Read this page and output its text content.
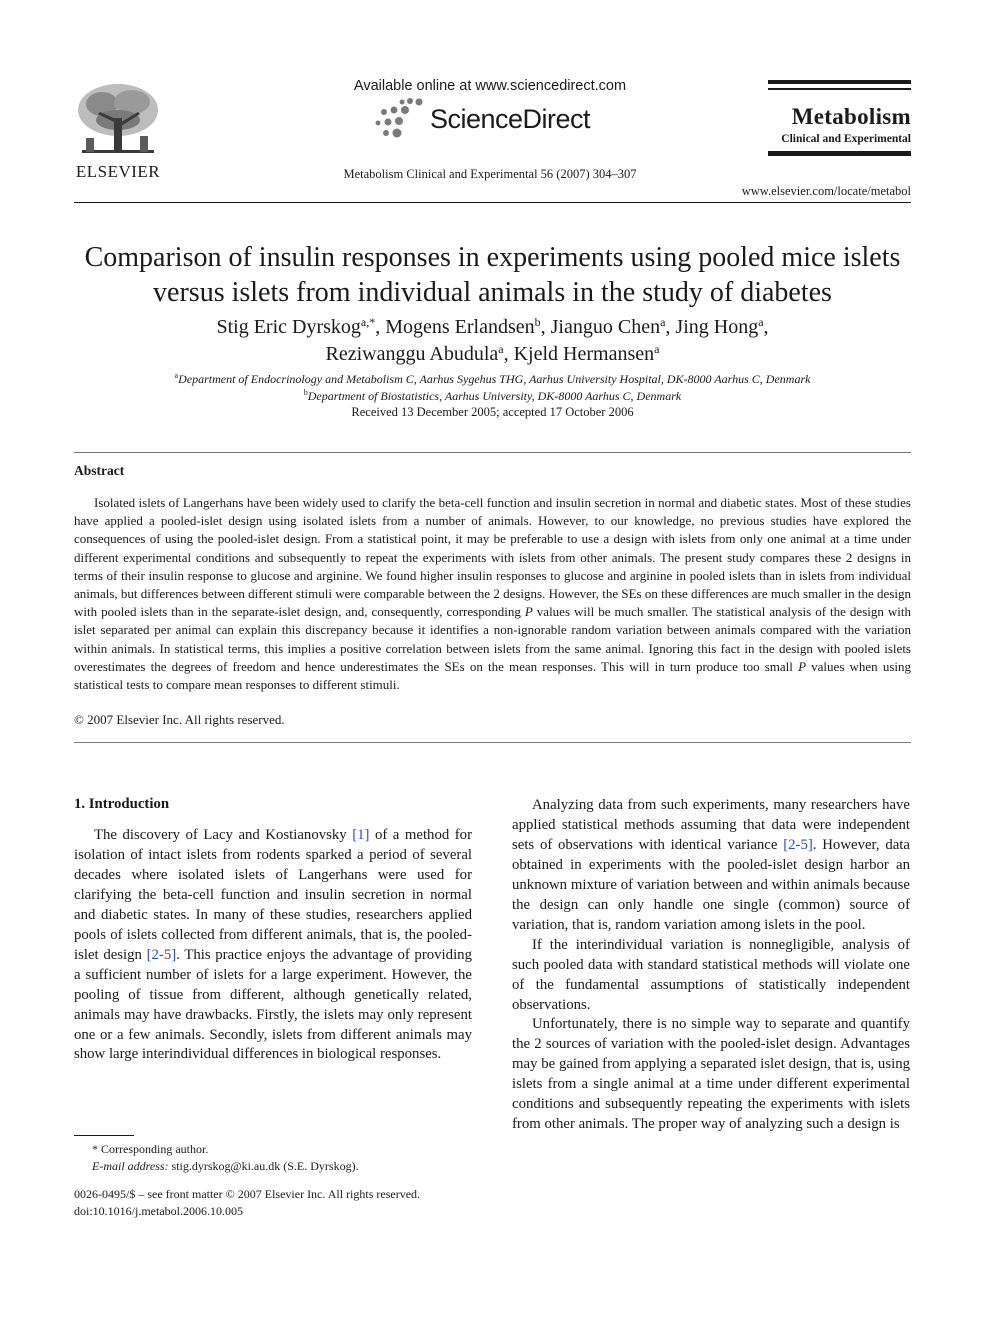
ELSEVIER
Available online at www.sciencedirect.com
ScienceDirect
Metabolism Clinical and Experimental 56 (2007) 304–307
Metabolism
Clinical and Experimental
www.elsevier.com/locate/metabol
Comparison of insulin responses in experiments using pooled mice islets
versus islets from individual animals in the study of diabetes
Stig Eric Dyrskog$^{a,*}$, Mogens Erlandsen$^b$, Jianguo Chen$^a$, Jing Hong$^a$,
Reziwanggu Abudula$^a$, Kjeld Hermansen$^a$
$^a$Department of Endocrinology and Metabolism C, Aarhus Sygehus THG, Aarhus University Hospital, DK-8000 Aarhus C, Denmark
$^b$Department of Biostatistics, Aarhus University, DK-8000 Aarhus C, Denmark
Received 13 December 2005; accepted 17 October 2006
Abstract
Isolated islets of Langerhans have been widely used to clarify the beta-cell function and insulin secretion in normal and diabetic states. Most of these studies have applied a pooled-islet design using isolated islets from a number of animals. However, to our knowledge, no previous studies have explored the consequences of using the pooled-islet design. From a statistical point, it may be preferable to use a design with islets from only one animal at a time under different experimental conditions and subsequently to repeat the experiments with islets from other animals. The present study compares these 2 designs in terms of their insulin response to glucose and arginine. We found higher insulin responses to glucose and arginine in pooled islets than in islets from individual animals, but differences between different stimuli were comparable between the 2 designs. However, the SEs on these differences are much smaller in the design with pooled islets than in the separate-islet design, and, consequently, corresponding P values will be much smaller. The statistical analysis of the design with islet separated per animal can explain this discrepancy because it identifies a non-ignorable random variation between animals compared with the variation within animals. In statistical terms, this implies a positive correlation between islets from the same animal. Ignoring this fact in the design with pooled islets overestimates the degrees of freedom and hence underestimates the SEs on the mean responses. This will in turn produce too small P values when using statistical tests to compare mean responses to different stimuli.
© 2007 Elsevier Inc. All rights reserved.
1. Introduction

The discovery of Lacy and Kostianovsky [1] of a method for isolation of intact islets from rodents sparked a period of several decades where isolated islets of Langerhans were used for clarifying the beta-cell function and insulin secretion in normal and diabetic states. In many of these studies, researchers applied pools of islets collected from different animals, that is, the pooled-islet design [2-5]. This practice enjoys the advantage of providing a sufficient number of islets for a large experiment. However, the pooling of tissue from different, although genetically related, animals may have drawbacks. Firstly, the islets may only represent one or a few animals. Secondly, islets from different animals may show large interindividual differences in biological responses.

Analyzing data from such experiments, many researchers have applied statistical methods assuming that data were independent sets of observations with identical variance [2-5]. However, data obtained in experiments with the pooled-islet design harbor an unknown mixture of variation between and within animals because the design can only handle one single (common) source of variation, that is, random variation among islets in the pool.

If the interindividual variation is nonnegligible, analysis of such pooled data with standard statistical methods will violate one of the fundamental assumptions of statistically independent observations.

Unfortunately, there is no simple way to separate and quantify the 2 sources of variation with the pooled-islet design. Advantages may be gained from applying a separated islet design, that is, using islets from a single animal at a time under different experimental conditions and subsequently repeating the experiments with islets from other animals. The proper way of analyzing such a design is

* Corresponding author.
E-mail address: stig.dyrskog@ki.au.dk (S.E. Dyrskog).
0026-0495/$ – see front matter © 2007 Elsevier Inc. All rights reserved.
doi:10.1016/j.metabol.2006.10.005
